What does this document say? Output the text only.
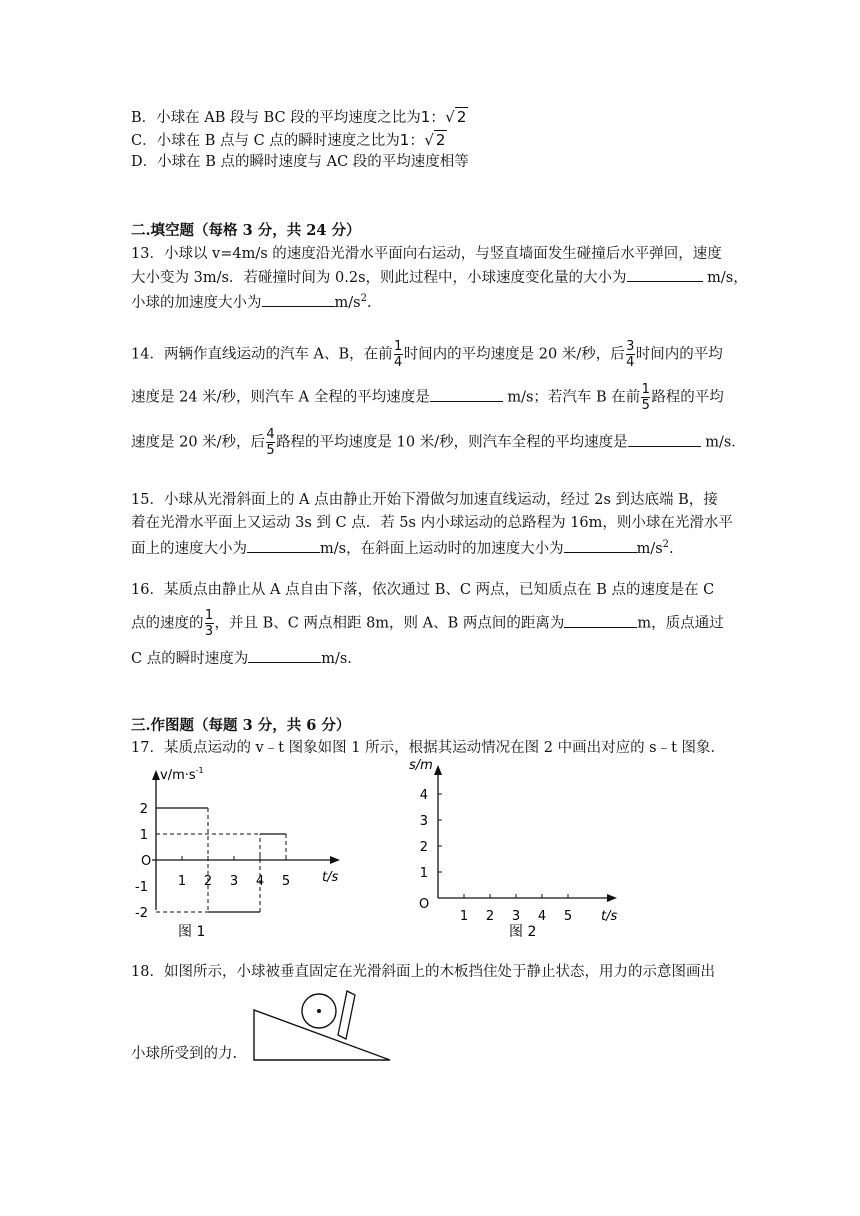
B．小球在 AB 段与 BC 段的平均速度之比为1：√ 2
C．小球在 B 点与 C 点的瞬时速度之比为1：√ 2
D．小球在 B 点的瞬时速度与 AC 段的平均速度相等
二.填空题（每格 3 分，共 24 分）
13．小球以 v=4m/s 的速度沿光滑水平面向右运动，与竖直墙面发生碰撞后水平弹回，速度
大小变为 3m/s．若碰撞时间为 0.2s，则此过程中，小球速度变化量的大小为	m/s，
小球的加速度大小为	$m/s^2$.
14．两辆作直线运动的汽车 A、B，在前 $\frac{1}{4}$ 时间内的平均速度是 20 米/秒，后 $\frac{3}{4}$ 时间内的平均
速度是 24 米/秒，则汽车 A 全程的平均速度是	m/s；若汽车 B 在前 $\frac{1}{5}$ 路程的平均
速度是 20 米/秒，后 $\frac{4}{5}$ 路程的平均速度是 10 米/秒，则汽车全程的平均速度是	m/s．
15．小球从光滑斜面上的 A 点由静止开始下滑做匀加速直线运动，经过 2s 到达底端 B，接
着在光滑水平面上又运动 3s 到 C 点．若 5s 内小球运动的总路程为 16m，则小球在光滑水平
面上的速度大小为	m/s，在斜面上运动时的加速度大小为	$m/s^2$.
16．某质点由静止从 A 点自由下落，依次通过 B、C 两点，已知质点在 B 点的速度是在 C
点的速度的 $\frac{1}{3}$ ，并且 B、C 两点相距 8m，则 A、B 两点间的距离为	m，质点通过
C 点的瞬时速度为	m/s.
三.作图题（每题 3 分，共 6 分）
17．某质点运动的 v﹣t 图象如图 1 所示，根据其运动情况在图 2 中画出对应的 s﹣t 图象．
$v/m\cdot s^{-1}$
t/s
O
2
1
-1
-2
1 2 3 4 5
图 1
s/m
t/s
O
4
3
2
1
1 2 3 4 5
图 2
18．如图所示，小球被垂直固定在光滑斜面上的木板挡住处于静止状态，用力的示意图画出
小球所受到的力.
